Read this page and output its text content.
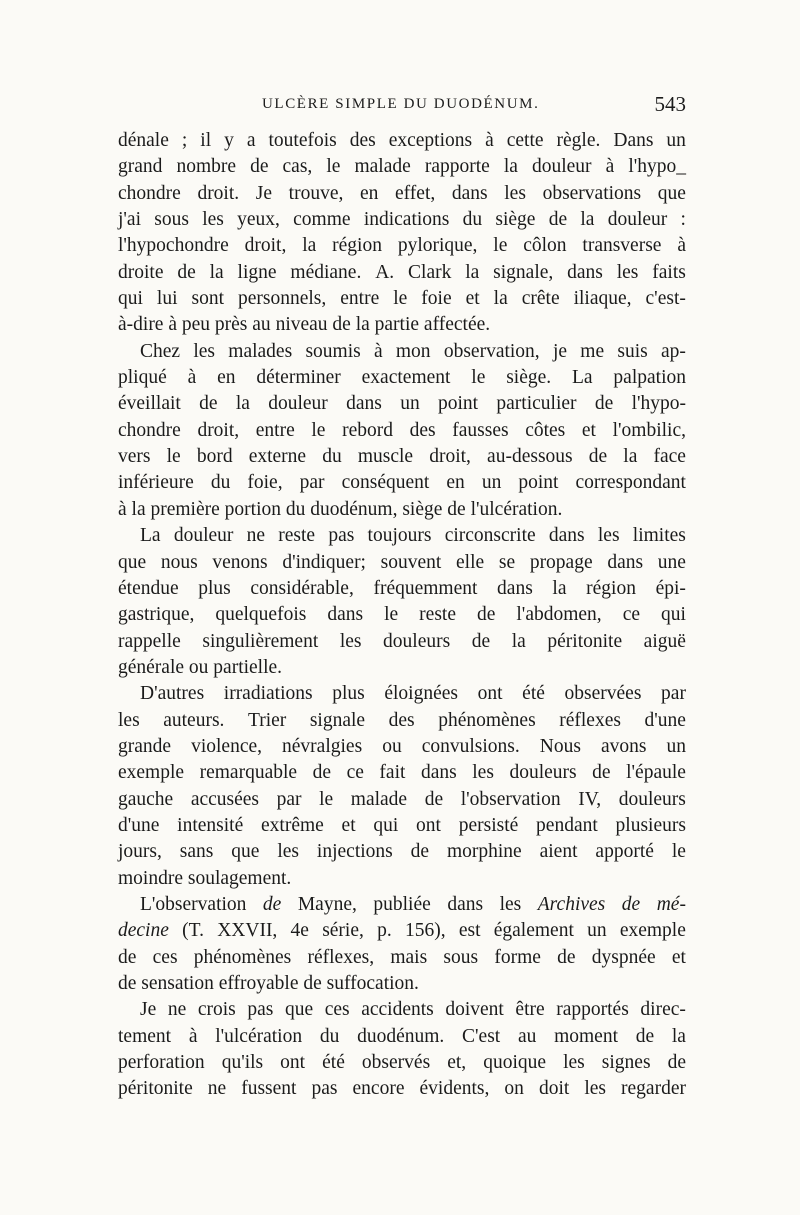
ULCÈRE SIMPLE DU DUODÉNUM.	543
dénale ; il y a toutefois des exceptions à cette règle. Dans un
grand nombre de cas, le malade rapporte la douleur à l'hypo_
chondre droit. Je trouve, en effet, dans les observations que
j'ai sous les yeux, comme indications du siège de la douleur :
l'hypochondre droit, la région pylorique, le côlon transverse à
droite de la ligne médiane. A. Clark la signale, dans les faits
qui lui sont personnels, entre le foie et la crête iliaque, c'est-
à-dire
à
peu
près
au
niveau
de
la
partie
affectée.

Chez les malades soumis à mon observation, je me suis ap-
pliqué à en déterminer exactement le siège. La palpation
éveillait de la douleur dans un point particulier de l'hypo-
chondre droit, entre le rebord des fausses côtes et l'ombilic,
vers le bord externe du muscle droit, au-dessous de la face
inférieure du foie, par conséquent en un point correspondant
à
la
première
portion
du
duodénum,
siège
de
l'ulcération.

La douleur ne reste pas toujours circonscrite dans les limites
que nous venons d'indiquer; souvent elle se propage dans une
étendue plus considérable, fréquemment dans la région épi-
gastrique, quelquefois dans le reste de l'abdomen, ce qui
rappelle singulièrement les douleurs de la péritonite aiguë
générale
ou
partielle.

D'autres irradiations plus éloignées ont été observées par
les auteurs. Trier signale des phénomènes réflexes d'une
grande violence, névralgies ou convulsions. Nous avons un
exemple remarquable de ce fait dans les douleurs de l'épaule
gauche accusées par le malade de l'observation IV, douleurs
d'une intensité extrême et qui ont persisté pendant plusieurs
jours, sans que les injections de morphine aient apporté le
moindre
soulagement.

L'observation de Mayne, publiée dans les Archives de mé-
decine (T. XXVII, 4e série, p. 156), est également un exemple
de ces phénomènes réflexes, mais sous forme de dyspnée et
de
sensation
effroyable
de
suffocation.

Je ne crois pas que ces accidents doivent être rapportés direc-
tement à l'ulcération du duodénum. C'est au moment de la
perforation qu'ils ont été observés et, quoique les signes de
péritonite ne fussent pas encore évidents, on doit les regarder
